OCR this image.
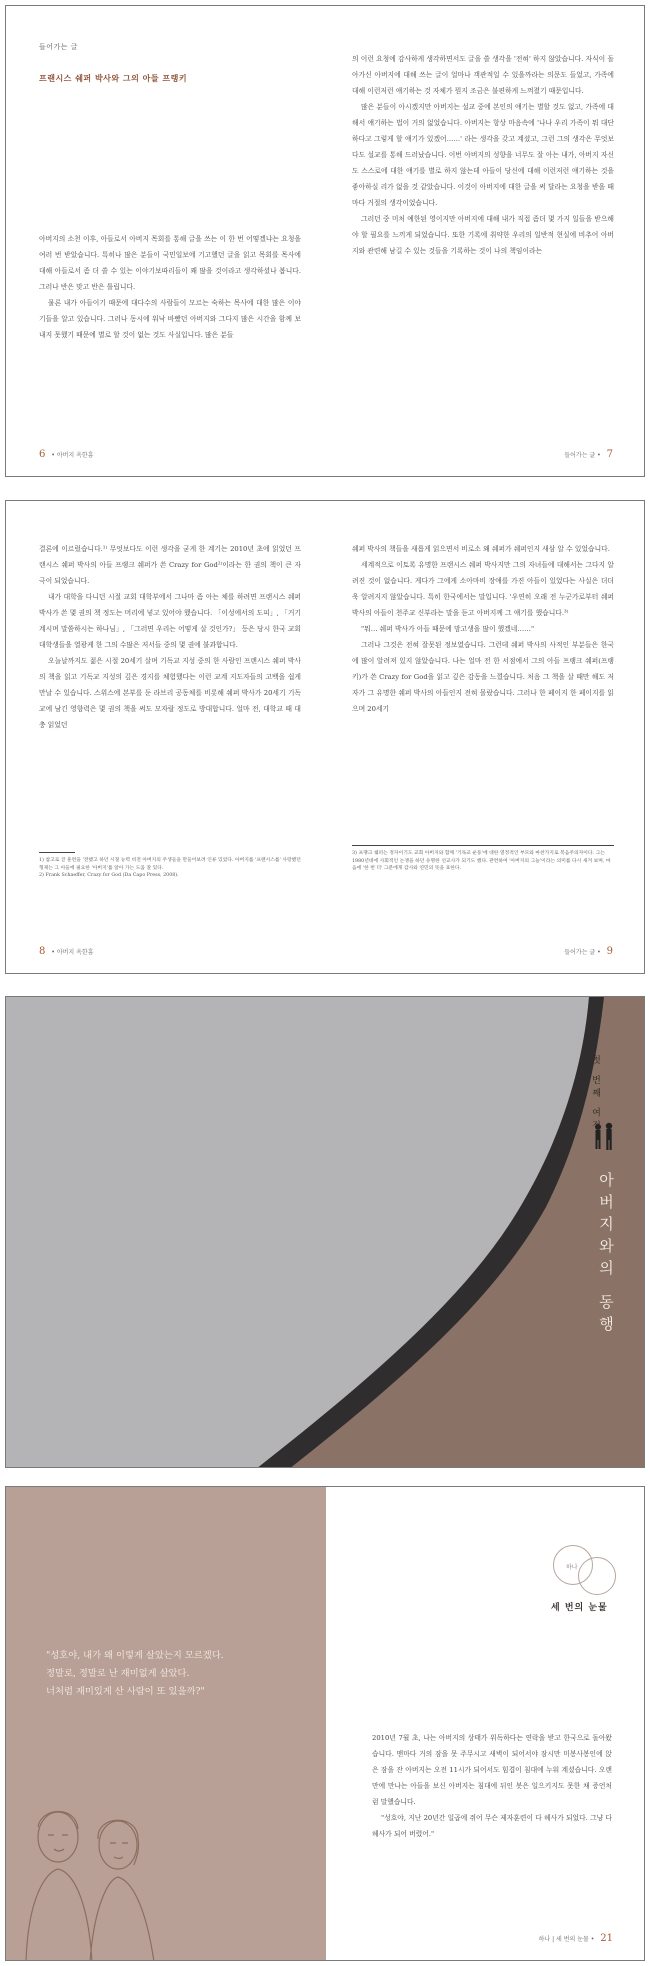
들어가는 글
프랜시스 쉐퍼 박사와 그의 아들 프랭키

아버지의 소천 이후, 아들로서 아버지 목회를 통해 글을 쓰는 이 한 번 어떻겠냐는 요청을 여러 번 받았습니다. 특히나 많은 분들이 국민일보에 기고했던 글을 읽고 목회를 목사에 대해 아들로서 좀 더 쓸 수 있는 이야기보따리들이 꽤 많을 것이라고 생각하셨나 봅니다. 그러나 반은 맞고 반은 틀립니다.

물론 내가 아들이기 때문에 대다수의 사람들이 모르는 숙하는 목사에 대한 많은 이야기들을 알고 있습니다. 그러나 동시에 워낙 바빴던 아버지와 그다지 많은 시간을 함께 보내지 못했기 때문에 별로 할 것이 없는 것도 사실입니다. 많은 분들

6 • 아버지 옥한흠

의 이런 요청에 감사하게 생각하면서도 글을 쓸 생각을 '전혀' 하지 않았습니다. 자식이 돌아가신 아버지에 대해 쓰는 글이 얼마나 객관적일 수 있을까라는 의문도 들었고, 가족에 대해 이런저런 얘기하는 것 자체가 뭔지 조금은 불편하게 느껴졌기 때문입니다.

많은 분들이 아시겠지만 아버지는 설교 중에 본인의 얘기는 별할 것도 없고, 가족에 대해서 얘기하는 법이 거의 없었습니다. 아버지는 항상 마음속에 '나나 우리 가족이 뭐 대단하다고 그렇게 할 얘기가 있겠어……' 라는 생각을 갖고 계셨고, 그런 그의 생각은 무엇보다도 설교를 통해 드러났습니다. 이번 아버지의 성향을 너무도 잘 아는 내가, 아버지 자신도 스스로에 대한 얘기를 별로 하지 않는데 아들이 당신에 대해 이런저런 얘기하는 것을 좋아하실 리가 없을 것 같았습니다. 이것이 아버지에 대한 글을 써 달라는 요청을 받을 때마다 거절의 생각이었습니다.

그러던 중 미처 예한된 영이지만 아버지에 대해 내가 직접 좀더 몇 가지 일들을 받으해야 할 필요를 느끼게 되었습니다. 또한 기록에 취약한 우리의 일반적 현실에 비추어 아버지와 관련해 남길 수 있는 것들을 기록하는 것이 나의 책임이라는

들어가는 글 • 7

결론에 이르렀습니다.¹⁾ 무엇보다도 이런 생각을 굳게 한 계기는 2010년 초에 읽었던 프랜시스 쉐퍼 박사의 아들 프랭크 쉐퍼가 쓴 Crazy for God²⁾이라는 한 권의 책이 큰 자극이 되었습니다.

내가 대학을 다니던 시절 교회 대학부에서 그나마 좀 아는 체를 하려면 프랜시스 쉐퍼 박사가 쓴 몇 권의 책 정도는 머리에 넣고 있어야 했습니다. 「이성에서의 도피」, 「거기 계시며 말씀하시는 하나님」, 「그러면 우리는 어떻게 살 것인가?」 등은 당시 한국 교회 대학생들을 열광케 한 그의 수많은 저서들 중의 몇 권에 불과합니다.

오늘날까지도 젊은 시절 20세기 살며 기독교 지성 중의 한 사람인 프랜시스 쉐퍼 박사의 책을 읽고 기독교 지성의 깊은 경지를 체험했다는 이런 교계 지도자들의 고백을 쉽게 만날 수 있습니다. 스위스에 본부를 둔 라브리 공동체를 비롯해 쉐퍼 박사가 20세기 기독교에 남긴 영향력은 몇 권의 책을 써도 모자랄 정도로 방대합니다. 얼마 전, 대학교 때 대충 읽었던

1) 참고로 글 훈련을 '전했고 하던 시절 능력 비전 아버지의 주생들을 만들어보려 인류 있었다. 아버지를 '프랜시스를' 사랑했던 형제는 그 아들에 필요한 '아버지'를 알아 가는 도움 잘 있다.
2) Frank Schaeffer, Crazy for God (Da Capo Press, 2008).
8 • 아버지 옥한흠

쉐퍼 박사의 책들을 새롭게 읽으면서 비로소 왜 쉐퍼가 쉐퍼인지 새삼 알 수 있었습니다.

세계적으로 이토록 유명한 프랜시스 쉐퍼 박사지만 그의 자녀들에 대해서는 그다지 알려진 것이 없습니다. 게다가 그에게 소아마비 장애를 가진 아들이 있었다는 사실은 더더욱 알려지지 않았습니다. 특히 한국에서는 말입니다. '우연히 오래 전 누군가로부터 쉐퍼 박사의 아들이 천주교 신부라는 말을 듣고 아버지께 그 얘기를 했습니다.³⁾

"뭐… 쉐퍼 박사가 아들 때문에 맘고생을 많이 했겠네……"

그러나 그것은 전혀 잘못된 정보였습니다. 그런데 쉐퍼 박사의 사적인 부분들은 한국에 많이 알려져 있지 않았습니다. 나는 얼마 전 한 서점에서 그의 아들 프랭크 쉐퍼(프랭키)가 쓴 Crazy for God을 읽고 깊은 감동을 느꼈습니다. 처음 그 책을 살 때만 해도 저자가 그 유명한 쉐퍼 박사의 아들인지 전혀 몰랐습니다. 그러나 한 페이지 한 페이지를 읽으며 20세기

3) 프랭크 쉐퍼는 정자이기도 교회 아버지와 함께 '기독교 운동'에 대한 열정적인 부모와 마찬가지로 복음주의자이다. 그는 1980년대에 사회적인 논쟁을 하던 유명한 선교사가 되기도 했다. 관련하여 '아버지의 그늘'이라는 의미를 다시 새겨 보며, 마음에 '한 번 더' 그분에게 감사와 연민의 뜻을 표한다.
들어가는 글 • 9
첫 번째 여정
아버지와의 동행
"성호야, 내가 왜 이렇게 살았는지 모르겠다.
정말로, 정말로 난 재미없게 살았다.
너처럼 재미있게 산 사람이 또 있을까?"
하나
세 번의 눈물

2010년 7월 초, 나는 아버지의 상태가 위독하다는 연락을 받고 한국으로 돌아왔습니다. 맨마다 거의 잠을 못 주무시고 새벽이 되어서야 잠시만 미봉사봉인에 앉은 잠을 잔 아버지는 오전 11시가 되어서도 힘겹이 침대에 누워 계셨습니다. 오랜만에 만나는 아들을 보신 아버지는 침대에 뒤인 봇은 일으키지도 못한 채 증언처럼 말했습니다.

"성호야, 지난 20년간 일곱에 쥐어 무슨 제자훈련이 다 헤사가 되었다. 그냥 다 헤사가 되어 버렸어."

하나 | 세 번의 눈물 • 21
